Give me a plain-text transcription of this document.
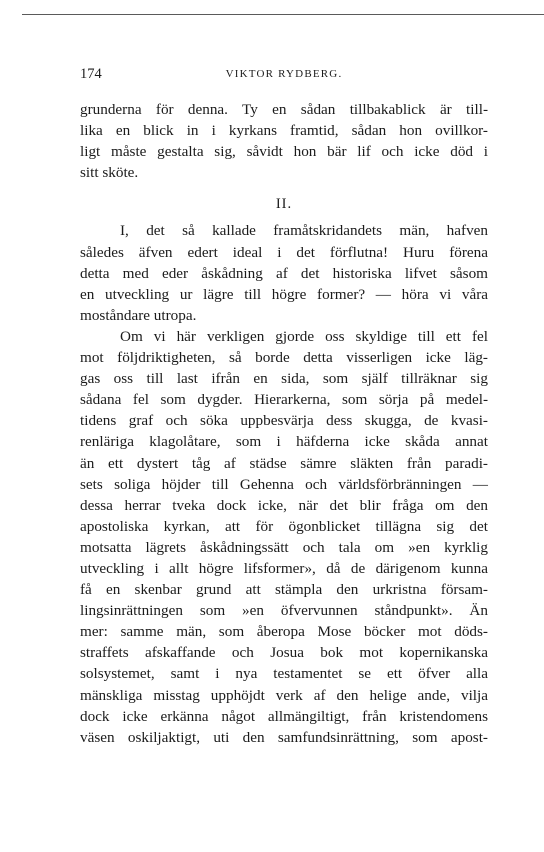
174	VIKTOR RYDBERG.
grunderna för denna. Ty en sådan tillbakablick är till-
lika en blick in i kyrkans framtid, sådan hon ovillkor-
ligt måste gestalta sig, såvidt hon bär lif och icke död i
sitt sköte.
II.
I, det så kallade framåtskridandets män, hafven
således äfven edert ideal i det förflutna! Huru förena
detta med eder åskådning af det historiska lifvet såsom
en utveckling ur lägre till högre former? — höra vi våra
moståndare utropa.
Om vi här verkligen gjorde oss skyldige till ett fel
mot följdriktigheten, så borde detta visserligen icke läg-
gas oss till last ifrån en sida, som själf tillräknar sig
sådana fel som dygder. Hierarkerna, som sörja på medel-
tidens graf och söka uppbesvärja dess skugga, de kvasi-
renläriga klagolåtare, som i häfderna icke skåda annat
än ett dystert tåg af städse sämre släkten från paradi-
sets soliga höjder till Gehenna och världsförbränningen —
dessa herrar tveka dock icke, när det blir fråga om den
apostoliska kyrkan, att för ögonblicket tillägna sig det
motsatta lägrets åskådningssätt och tala om »en kyrklig
utveckling i allt högre lifsformer», då de därigenom kunna
få en skenbar grund att stämpla den urkristna försam-
lingsinrättningen som »en öfvervunnen ståndpunkt». Än
mer: samme män, som åberopa Mose böcker mot döds-
straffets afskaffande och Josua bok mot kopernikanska
solsystemet, samt i nya testamentet se ett öfver alla
mänskliga misstag upphöjdt verk af den helige ande, vilja
dock icke erkänna något allmängiltigt, från kristendomens
väsen oskiljaktigt, uti den samfundsinrättning, som apost-
